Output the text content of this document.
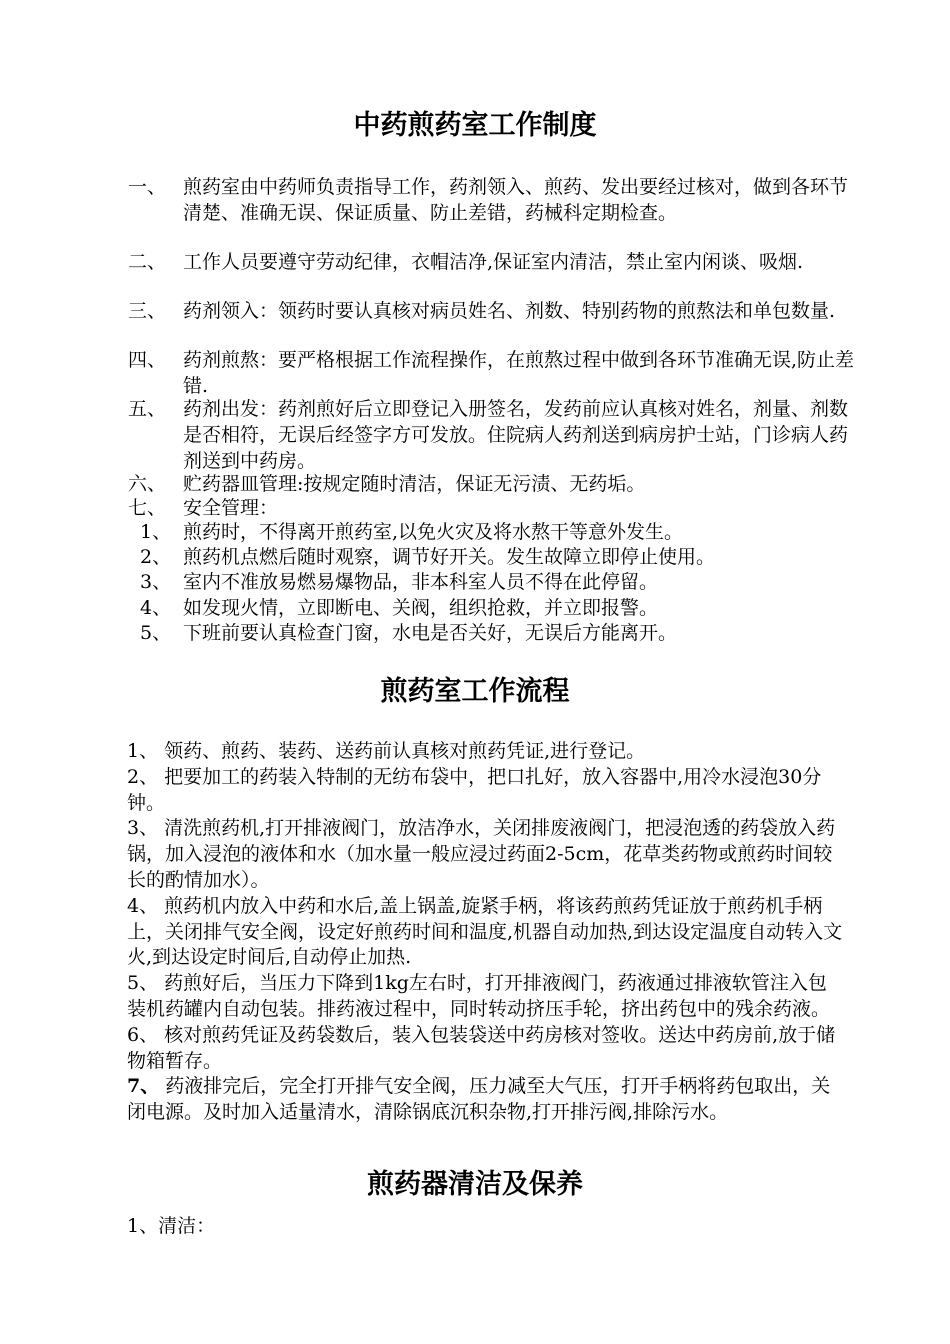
中药煎药室工作制度
一、 煎药室由中药师负责指导工作，药剂领入、煎药、发出要经过核对，做到各环节清楚、准确无误、保证质量、防止差错，药械科定期检查。
二、 工作人员要遵守劳动纪律，衣帽洁净,保证室内清洁，禁止室内闲谈、吸烟.
三、 药剂领入：领药时要认真核对病员姓名、剂数、特别药物的煎熬法和单包数量.
四、 药剂煎熬：要严格根据工作流程操作，在煎熬过程中做到各环节准确无误,防止差错.
五、 药剂出发：药剂煎好后立即登记入册签名，发药前应认真核对姓名，剂量、剂数是否相符，无误后经签字方可发放。住院病人药剂送到病房护士站，门诊病人药剂送到中药房。
六、 贮药器皿管理:按规定随时清洁，保证无污渍、无药垢。
七、 安全管理：
1、 煎药时，不得离开煎药室,以免火灾及将水熬干等意外发生。
2、 煎药机点燃后随时观察，调节好开关。发生故障立即停止使用。
3、 室内不准放易燃易爆物品，非本科室人员不得在此停留。
4、 如发现火情，立即断电、关阀，组织抢救，并立即报警。
5、 下班前要认真检查门窗，水电是否关好，无误后方能离开。
煎药室工作流程

1、 领药、煎药、装药、送药前认真核对煎药凭证,进行登记。

2、 把要加工的药装入特制的无纺布袋中，把口扎好，放入容器中,用冷水浸泡30分钟。

3、 清洗煎药机,打开排液阀门，放洁净水，关闭排废液阀门，把浸泡透的药袋放入药锅，加入浸泡的液体和水（加水量一般应浸过药面2-5cm，花草类药物或煎药时间较长的酌情加水）。

4、 煎药机内放入中药和水后,盖上锅盖,旋紧手柄，将该药煎药凭证放于煎药机手柄上，关闭排气安全阀，设定好煎药时间和温度,机器自动加热,到达设定温度自动转入文火,到达设定时间后,自动停止加热.

5、 药煎好后，当压力下降到1kg左右时，打开排液阀门，药液通过排液软管注入包装机药罐内自动包装。排药液过程中，同时转动挤压手轮，挤出药包中的残余药液。

6、 核对煎药凭证及药袋数后，装入包装袋送中药房核对签收。送达中药房前,放于储物箱暂存。

7、 药液排完后，完全打开排气安全阀，压力减至大气压，打开手柄将药包取出，关闭电源。及时加入适量清水，清除锅底沉积杂物,打开排污阀,排除污水。

煎药器清洁及保养
1、清洁：
